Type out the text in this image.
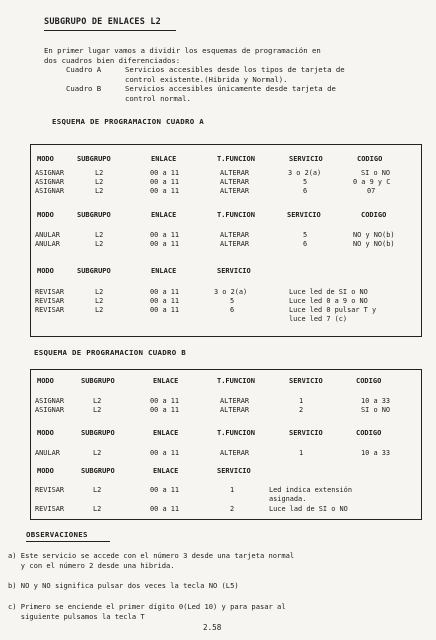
SUBGRUPO DE ENLACES L2
En primer lugar vamos a dividir los esquemas de programación en
dos cuadros bien diferenciados:
Cuadro A	Servicios accesibles desde los tipos de tarjeta de
control existente.(Hibrida y Normal).
Cuadro B	Servicios accesibles únicamente desde tarjeta de
control normal.
ESQUEMA DE PROGRAMACION CUADRO A
MODO	SUBGRUPO	ENLACE	T.FUNCION	SERVICIO	CODIGO
ASIGNAR	L2	00 a 11	ALTERAR	3 o 2(a)	SI o NO
ASIGNAR	L2	00 a 11	ALTERAR	5	0 a 9 y C
ASIGNAR	L2	00 a 11	ALTERAR	6	07
MODO	SUBGRUPO	ENLACE	T.FUNCION	SERVICIO	CODIGO
ANULAR	L2	00 a 11	ALTERAR	5	NO y NO(b)
ANULAR	L2	00 a 11	ALTERAR	6	NO y NO(b)
MODO	SUBGRUPO	ENLACE	SERVICIO
REVISAR	L2	00 a 11	3 o 2(a)	Luce led de SI o NO
REVISAR	L2	00 a 11	5	Luce led 0 a 9 o NO
REVISAR	L2	00 a 11	6	Luce led 0 pulsar T y
luce led 7 (c)
ESQUEMA DE PROGRAMACION CUADRO B
MODO	SUBGRUPO	ENLACE	T.FUNCION	SERVICIO	CODIGO
ASIGNAR	L2	00 a 11	ALTERAR	1	10 a 33
ASIGNAR	L2	00 a 11	ALTERAR	2	SI o NO
MODO	SUBGRUPO	ENLACE	T.FUNCION	SERVICIO	CODIGO
ANULAR	L2	00 a 11	ALTERAR	1	10 a 33
MODO	SUBGRUPO	ENLACE	SERVICIO
REVISAR	L2	00 a 11	1	Led indica extensión
asignada.
REVISAR	L2	00 a 11	2	Luce lad de SI o NO
OBSERVACIONES
a) Este servicio se accede con el número 3 desde una tarjeta normal
y con el número 2 desde una hibrida.
b) NO y NO significa pulsar dos veces la tecla NO (L5)
c) Primero se enciende el primer dígito 0(Led 10) y para pasar al
siguiente pulsamos la tecla T
2.58
